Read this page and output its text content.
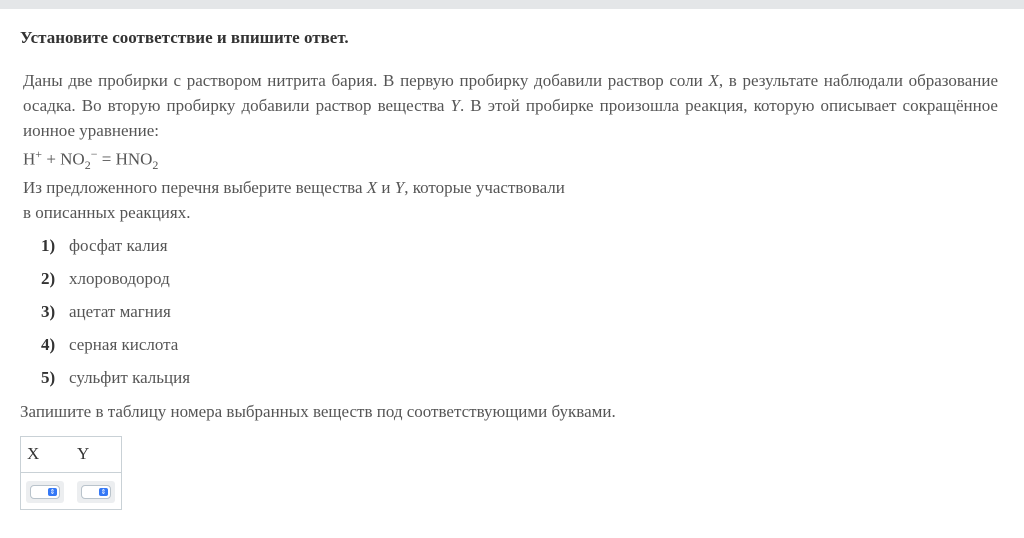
Установите соответствие и впишите ответ.
Даны две пробирки с раствором нитрита бария. В первую пробирку добавили раствор соли X, в результате наблюдали образование осадка. Во вторую пробирку добавили раствор вещества Y. В этой пробирке произошла реакция, которую описывает сокращённое ионное уравнение:
$H^+ + NO_2^- = HNO_2$
Из предложенного перечня выберите вещества X и Y, которые участвовали
в описанных реакциях.
1) фосфат калия
2) хлороводород
3) ацетат магния
4) серная кислота
5) сульфит кальция
Запишите в таблицу номера выбранных веществ под соответствующими буквами.
X Y
⇕	⇕
